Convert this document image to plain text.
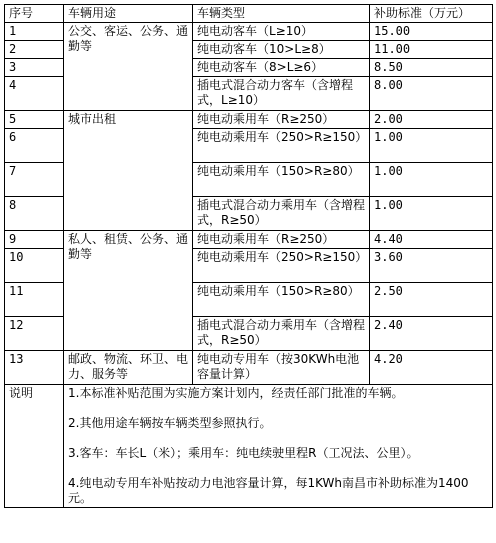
序号	车辆用途	车辆类型	补助标准（万元）
1	公交、客运、公务、通勤等	纯电动客车（L≥10）	15.00
2		纯电动客车（10>L≥8）	11.00
3		纯电动客车（8>L≥6）	8.50
4		插电式混合动力客车（含增程式，L≥10）	8.00
5	城市出租	纯电动乘用车（R≥250）	2.00
6		纯电动乘用车（250>R≥150）	1.00
7		纯电动乘用车（150>R≥80）	1.00
8		插电式混合动力乘用车（含增程式，R≥50）	1.00
9	私人、租赁、公务、通勤等	纯电动乘用车（R≥250）	4.40
10		纯电动乘用车（250>R≥150）	3.60
11		纯电动乘用车（150>R≥80）	2.50
12		插电式混合动力乘用车（含增程式，R≥50）	2.40
13	邮政、物流、环卫、电力、服务等	纯电动专用车（按30KWh电池容量计算）	4.20
说明	1.本标准补贴范围为实施方案计划内，经责任部门批准的车辆。

2.其他用途车辆按车辆类型参照执行。

3.客车：车长L（米）；乘用车：纯电续驶里程R（工况法、公里）。

4.纯电动专用车补贴按动力电池容量计算，每1KWh南昌市补助标准为1400元。		
